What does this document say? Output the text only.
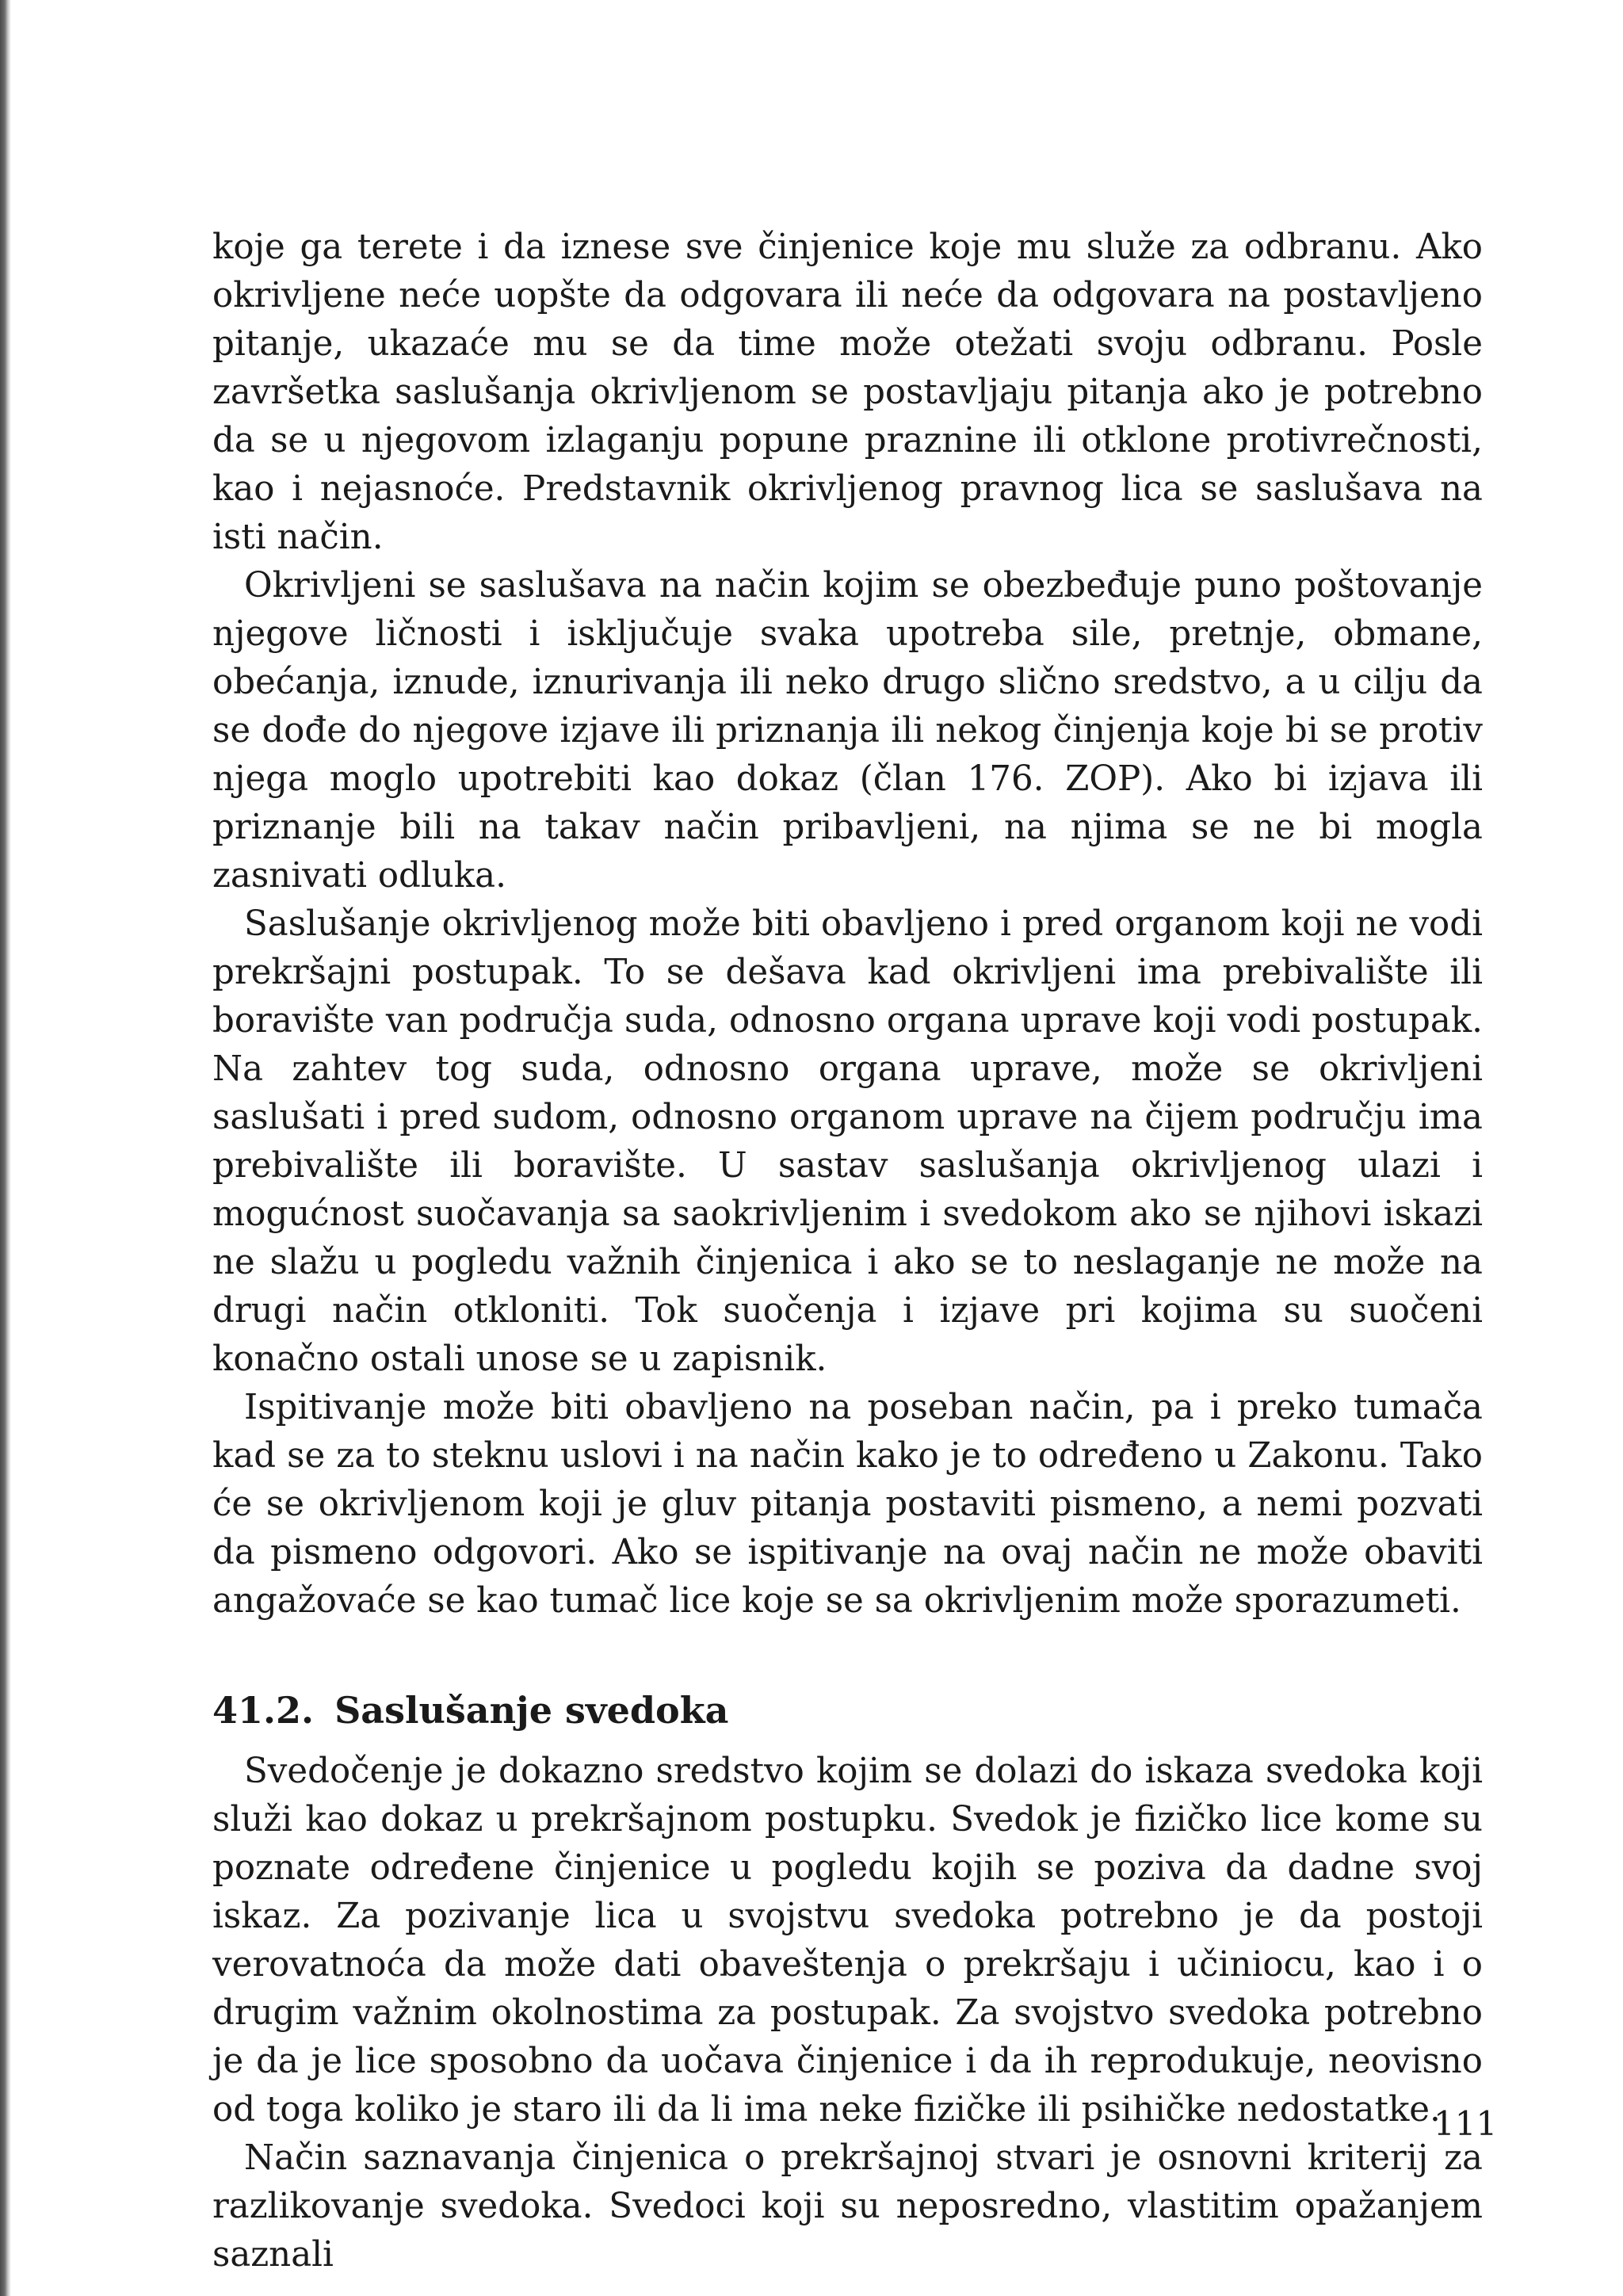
koje ga terete i da iznese sve činjenice koje mu služe za odbranu. Ako okrivljene neće uopšte da odgovara ili neće da odgovara na postavljeno pitanje, ukazaće mu se da time može otežati svoju odbranu. Posle završetka saslušanja okrivljenom se postavljaju pitanja ako je potrebno da se u njegovom izlaganju popune praznine ili otklone protivrečnosti, kao i nejasnoće. Predstavnik okrivljenog pravnog lica se saslušava na isti način.

Okrivljeni se saslušava na način kojim se obezbeđuje puno poštovanje njegove ličnosti i isključuje svaka upotreba sile, pretnje, obmane, obećanja, iznude, iznurivanja ili neko drugo slično sredstvo, a u cilju da se dođe do njegove izjave ili priznanja ili nekog činjenja koje bi se protiv njega moglo upotrebiti kao dokaz (član 176. ZOP). Ako bi izjava ili priznanje bili na takav način pribavljeni, na njima se ne bi mogla zasnivati odluka.

Saslušanje okrivljenog može biti obavljeno i pred organom koji ne vodi prekršajni postupak. To se dešava kad okrivljeni ima prebivalište ili boravište van područja suda, odnosno organa uprave koji vodi postupak. Na zahtev tog suda, odnosno organa uprave, može se okrivljeni saslušati i pred sudom, odnosno organom uprave na čijem području ima prebivalište ili boravište. U sastav saslušanja okrivljenog ulazi i mogućnost suočavanja sa saokrivljenim i svedokom ako se njihovi iskazi ne slažu u pogledu važnih činjenica i ako se to neslaganje ne može na drugi način otkloniti. Tok suočenja i izjave pri kojima su suočeni konačno ostali unose se u zapisnik.

Ispitivanje može biti obavljeno na poseban način, pa i preko tumača kad se za to steknu uslovi i na način kako je to određeno u Zakonu. Tako će se okrivljenom koji je gluv pitanja postaviti pismeno, a nemi pozvati da pismeno odgovori. Ako se ispitivanje na ovaj način ne može obaviti angažovaće se kao tumač lice koje se sa okrivljenim može sporazumeti.

41.2. Saslušanje svedoka

Svedočenje je dokazno sredstvo kojim se dolazi do iskaza svedoka koji služi kao dokaz u prekršajnom postupku. Svedok je fizičko lice kome su poznate određene činjenice u pogledu kojih se poziva da dadne svoj iskaz. Za pozivanje lica u svojstvu svedoka potrebno je da postoji verovatnoća da može dati obaveštenja o prekršaju i učiniocu, kao i o drugim važnim okolnostima za postupak. Za svojstvo svedoka potrebno je da je lice sposobno da uočava činjenice i da ih reprodukuje, neovisno od toga koliko je staro ili da li ima neke fizičke ili psihičke nedostatke.

Način saznavanja činjenica o prekršajnoj stvari je osnovni kriterij za razlikovanje svedoka. Svedoci koji su neposredno, vlastitim opažanjem saznali

111
